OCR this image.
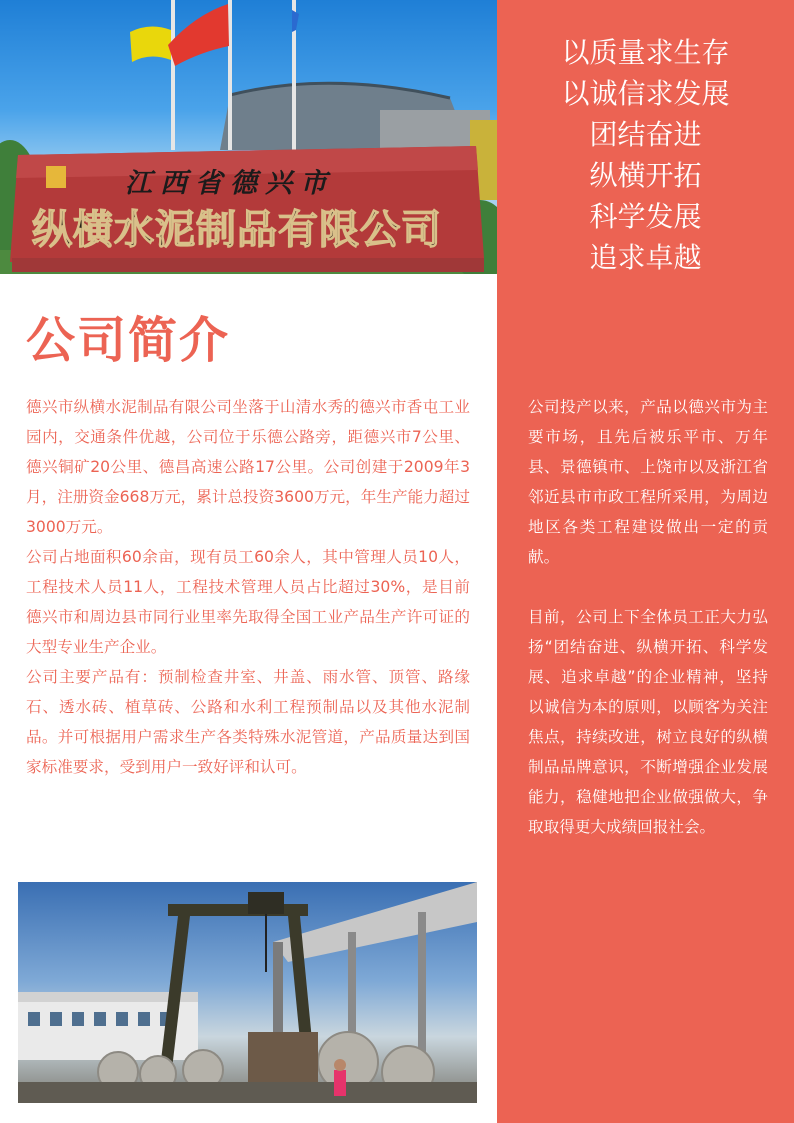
江西省德兴市
纵横水泥制品有限公司
以质量求生存
以诚信求发展
团结奋进
纵横开拓
科学发展
追求卓越
公司简介

德兴市纵横水泥制品有限公司坐落于山清水秀的德兴市香屯工业园内，交通条件优越，公司位于乐德公路旁，距德兴市7公里、德兴铜矿20公里、德昌高速公路17公里。公司创建于2009年3月，注册资金668万元，累计总投资3600万元，年生产能力超过3000万元。

公司占地面积60余亩，现有员工60余人，其中管理人员10人，工程技术人员11人，工程技术管理人员占比超过30%，是目前德兴市和周边县市同行业里率先取得全国工业产品生产许可证的大型专业生产企业。

公司主要产品有：预制检查井室、井盖、雨水管、顶管、路缘石、透水砖、植草砖、公路和水利工程预制品以及其他水泥制品。并可根据用户需求生产各类特殊水泥管道，产品质量达到国家标准要求，受到用户一致好评和认可。

公司投产以来，产品以德兴市为主要市场，且先后被乐平市、万年县、景德镇市、上饶市以及浙江省邻近县市市政工程所采用，为周边地区各类工程建设做出一定的贡献。

目前，公司上下全体员工正大力弘扬“团结奋进、纵横开拓、科学发展、追求卓越”的企业精神，坚持以诚信为本的原则，以顾客为关注焦点，持续改进，树立良好的纵横制品品牌意识，不断增强企业发展能力，稳健地把企业做强做大，争取取得更大成绩回报社会。
